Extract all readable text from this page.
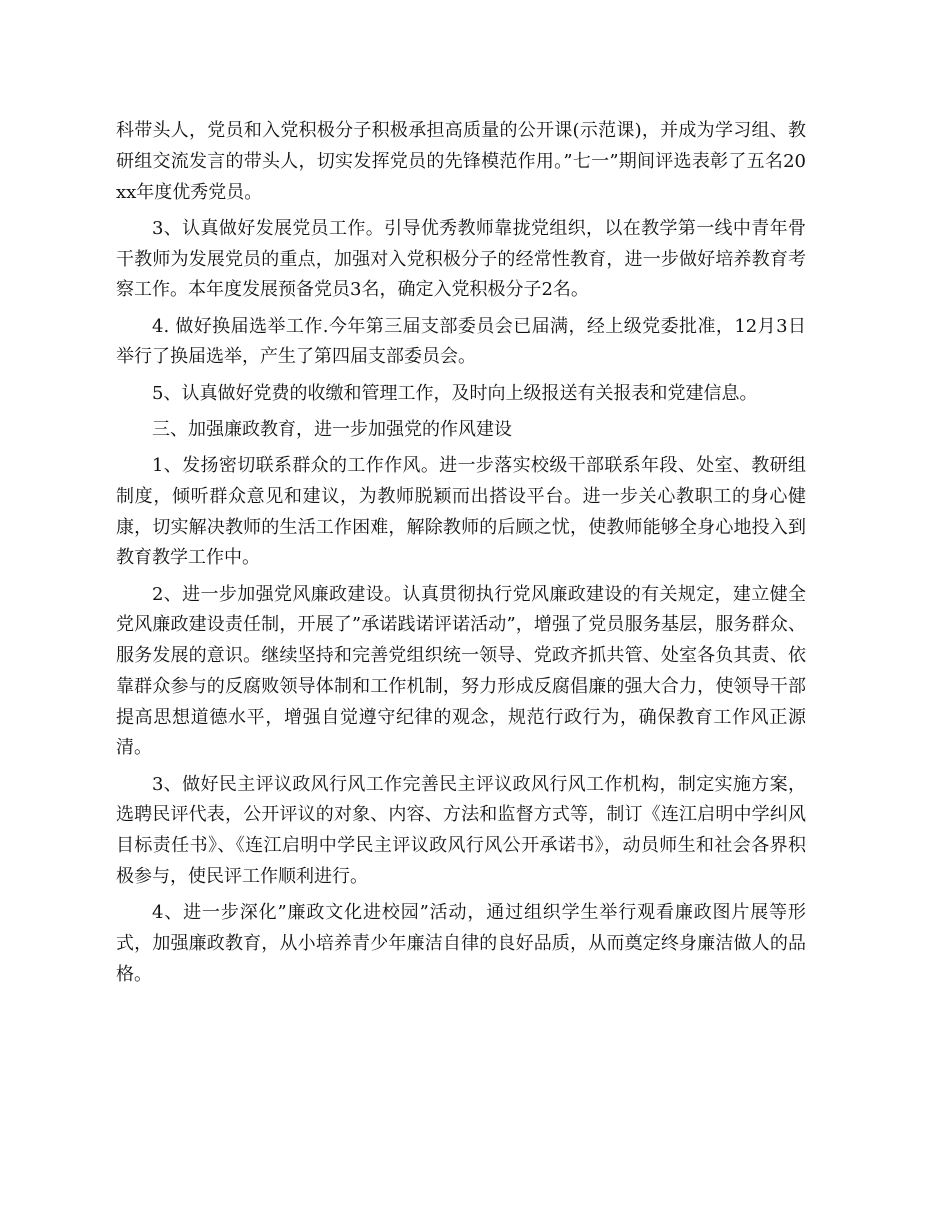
科带头人，党员和入党积极分子积极承担高质量的公开课(示范课)，并成为学习组、教研组交流发言的带头人，切实发挥党员的先锋模范作用。”七一”期间评选表彰了五名20xx年度优秀党员。

3、认真做好发展党员工作。引导优秀教师靠拢党组织，以在教学第一线中青年骨干教师为发展党员的重点，加强对入党积极分子的经常性教育，进一步做好培养教育考察工作。本年度发展预备党员3名，确定入党积极分子2名。

4. 做好换届选举工作.今年第三届支部委员会已届满，经上级党委批准，12月3日举行了换届选举，产生了第四届支部委员会。

5、认真做好党费的收缴和管理工作，及时向上级报送有关报表和党建信息。

三、加强廉政教育，进一步加强党的作风建设

1、发扬密切联系群众的工作作风。进一步落实校级干部联系年段、处室、教研组制度，倾听群众意见和建议，为教师脱颖而出搭设平台。进一步关心教职工的身心健康，切实解决教师的生活工作困难，解除教师的后顾之忧，使教师能够全身心地投入到教育教学工作中。

2、进一步加强党风廉政建设。认真贯彻执行党风廉政建设的有关规定，建立健全党风廉政建设责任制，开展了”承诺践诺评诺活动”，增强了党员服务基层，服务群众、服务发展的意识。继续坚持和完善党组织统一领导、党政齐抓共管、处室各负其责、依靠群众参与的反腐败领导体制和工作机制，努力形成反腐倡廉的强大合力，使领导干部提高思想道德水平，增强自觉遵守纪律的观念，规范行政行为，确保教育工作风正源清。

3、做好民主评议政风行风工作完善民主评议政风行风工作机构，制定实施方案，选聘民评代表，公开评议的对象、内容、方法和监督方式等，制订《连江启明中学纠风目标责任书》、《连江启明中学民主评议政风行风公开承诺书》，动员师生和社会各界积极参与，使民评工作顺利进行。

4、进一步深化”廉政文化进校园”活动，通过组织学生举行观看廉政图片展等形式，加强廉政教育，从小培养青少年廉洁自律的良好品质，从而奠定终身廉洁做人的品格。
